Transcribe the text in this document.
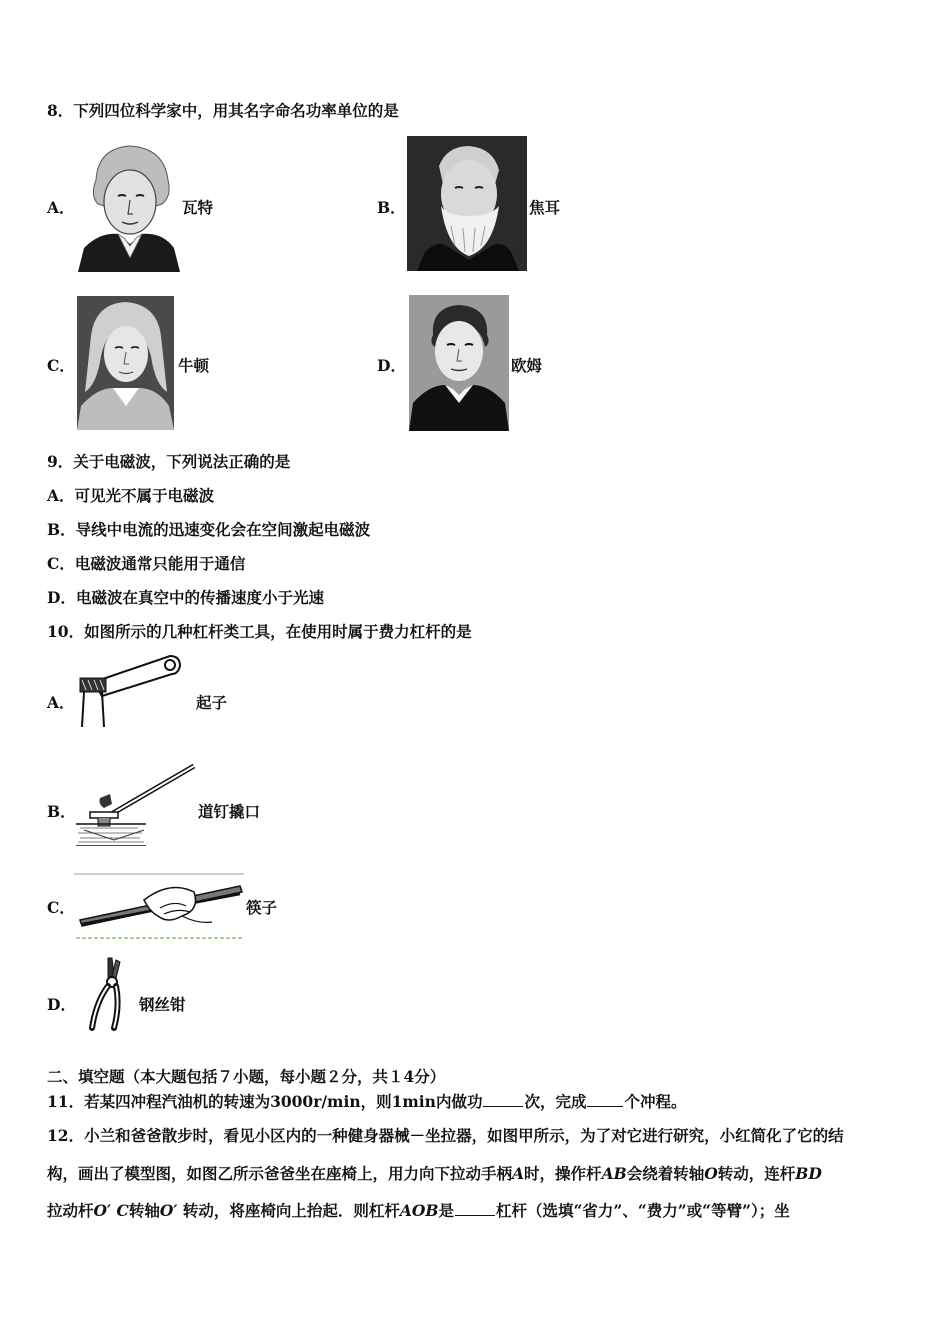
8．下列四位科学家中，用其名字命名功率单位的是
A．	瓦特	B．	焦耳
C．	牛顿	D．	欧姆
9．关于电磁波，下列说法正确的是
A．可见光不属于电磁波
B．导线中电流的迅速变化会在空间激起电磁波
C．电磁波通常只能用于通信
D．电磁波在真空中的传播速度小于光速
10．如图所示的几种杠杆类工具，在使用时属于费力杠杆的是
A．	起子
B．	道钉撬口
C．	筷子
D．	钢丝钳
二、填空题（本大题包括７小题，每小题２分，共１4分）
11．若某四冲程汽油机的转速为3000r/min，则1min内做功	次，完成 个冲程。
12．小兰和爸爸散步时，看见小区内的一种健身器械－坐拉器，如图甲所示，为了对它进行研究，小红简化了它的结
构，画出了模型图，如图乙所示爸爸坐在座椅上，用力向下拉动手柄A时，操作杆AB会绕着转轴O转动，连杆BD
拉动杆O′ C转轴O′ 转动，将座椅向上抬起．则杠杆AOB是	杠杆（选填“省力”、“费力”或“等臂”）；坐
